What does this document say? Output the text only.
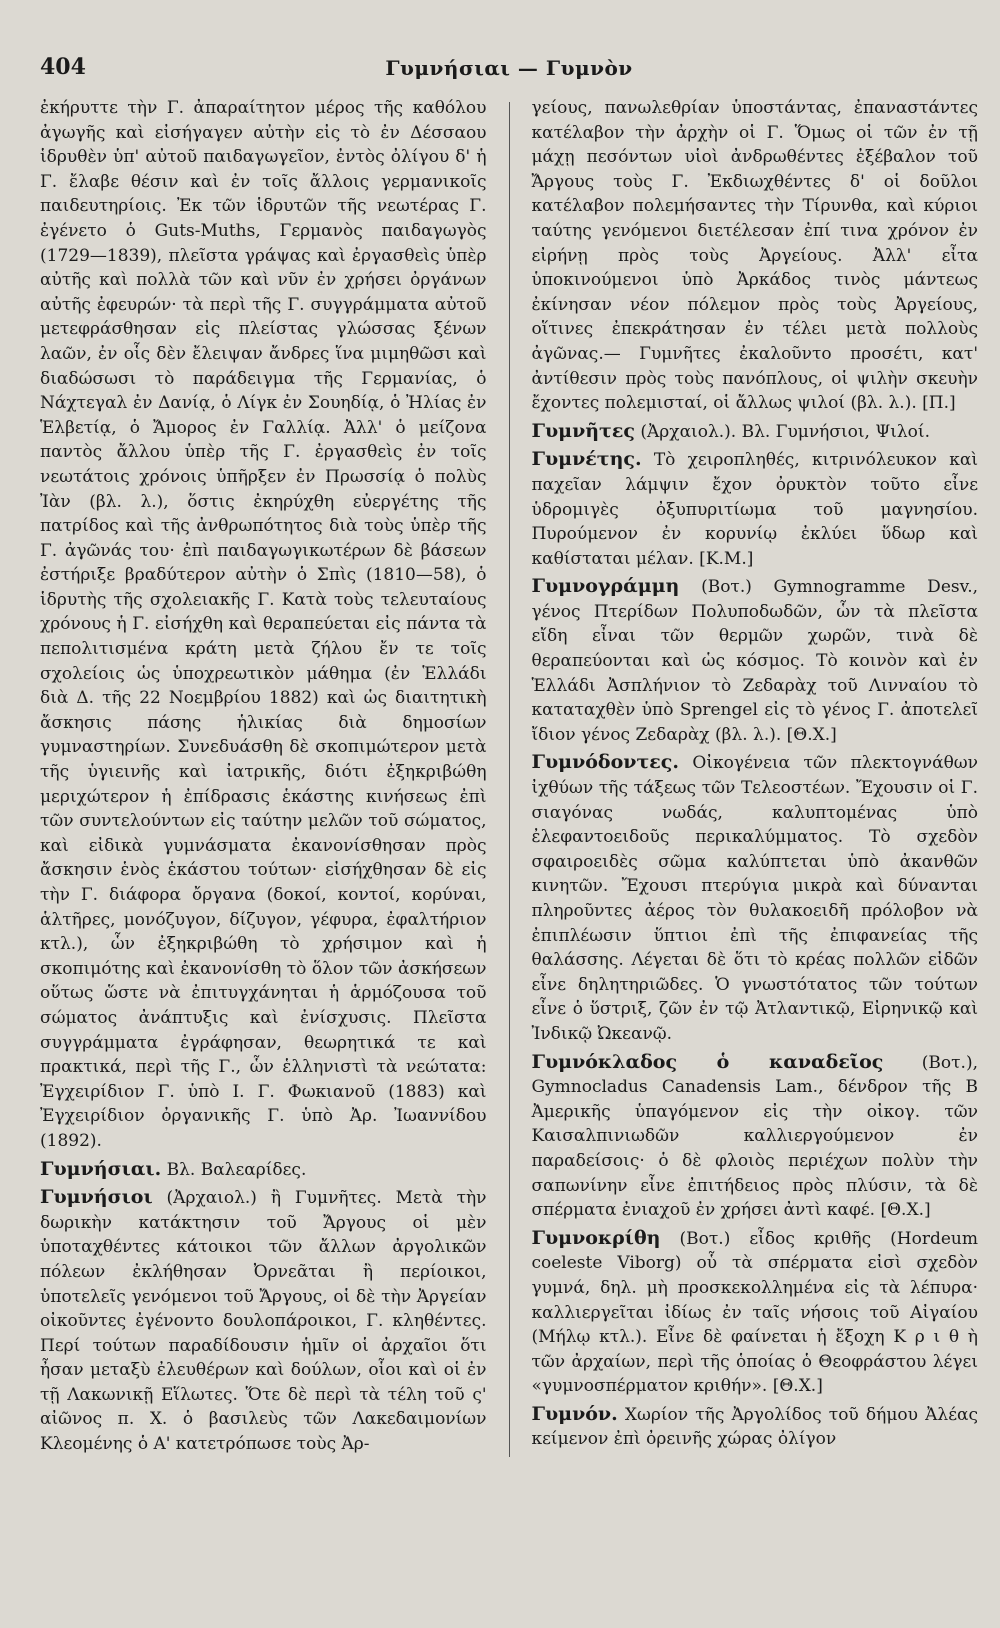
404	Γυμνήσιαι — Γυμνὸν

ἐκήρυττε τὴν Γ. ἀπαραίτητον μέρος τῆς καθόλου ἀγωγῆς καὶ εἰσήγαγεν αὐτὴν εἰς τὸ ἐν Δέσσαου ἱδρυθὲν ὑπ' αὐτοῦ παιδαγωγεῖον, ἐντὸς ὀλίγου δ' ἡ Γ. ἔλαβε θέσιν καὶ ἐν τοῖς ἄλλοις γερμανικοῖς παιδευτηρίοις. Ἐκ τῶν ἱδρυτῶν τῆς νεωτέρας Γ. ἐγένετο ὁ Guts-Muths, Γερμανὸς παιδαγωγὸς (1729—1839), πλεῖστα γράψας καὶ ἐργασθεὶς ὑπὲρ αὐτῆς καὶ πολλὰ τῶν καὶ νῦν ἐν χρήσει ὀργάνων αὐτῆς ἐφευρών· τὰ περὶ τῆς Γ. συγγράμματα αὐτοῦ μετεφράσθησαν εἰς πλείστας γλώσσας ξένων λαῶν, ἐν οἷς δὲν ἔλειψαν ἄνδρες ἵνα μιμηθῶσι καὶ διαδώσωσι τὸ παράδειγμα τῆς Γερμανίας, ὁ Νάχτεγαλ ἐν Δανίᾳ, ὁ Λίγκ ἐν Σουηδίᾳ, ὁ Ἠλίας ἐν Ἑλβετίᾳ, ὁ Ἄμορος ἐν Γαλλίᾳ. Ἀλλ' ὁ μείζονα παντὸς ἄλλου ὑπὲρ τῆς Γ. ἐργασθεὶς ἐν τοῖς νεωτάτοις χρόνοις ὑπῆρξεν ἐν Πρωσσίᾳ ὁ πολὺς Ἰὰν (βλ. λ.), ὅστις ἐκηρύχθη εὐεργέτης τῆς πατρίδος καὶ τῆς ἀνθρωπότητος διὰ τοὺς ὑπὲρ τῆς Γ. ἀγῶνάς του· ἐπὶ παιδαγωγικωτέρων δὲ βάσεων ἐστήριξε βραδύτερον αὐτὴν ὁ Σπὶς (1810—58), ὁ ἱδρυτὴς τῆς σχολειακῆς Γ. Κατὰ τοὺς τελευταίους χρόνους ἡ Γ. εἰσήχθη καὶ θεραπεύεται εἰς πάντα τὰ πεπολιτισμένα κράτη μετὰ ζήλου ἔν τε τοῖς σχολείοις ὡς ὑποχρεωτικὸν μάθημα (ἐν Ἑλλάδι διὰ Δ. τῆς 22 Νοεμβρίου 1882) καὶ ὡς διαιτητικὴ ἄσκησις πάσης ἡλικίας διὰ δημοσίων γυμναστηρίων. Συνεδυάσθη δὲ σκοπιμώτερον μετὰ τῆς ὑγιεινῆς καὶ ἰατρικῆς, διότι ἐξηκριβώθη μεριχώτερον ἡ ἐπίδρασις ἑκάστης κινήσεως ἐπὶ τῶν συντελούντων εἰς ταύτην μελῶν τοῦ σώματος, καὶ εἰδικὰ γυμνάσματα ἐκανονίσθησαν πρὸς ἄσκησιν ἑνὸς ἑκάστου τούτων· εἰσήχθησαν δὲ εἰς τὴν Γ. διάφορα ὄργανα (δοκοί, κοντοί, κορύναι, ἁλτῆρες, μονόζυγον, δίζυγον, γέφυρα, ἐφαλτήριον κτλ.), ὧν ἐξηκριβώθη τὸ χρήσιμον καὶ ἡ σκοπιμότης καὶ ἐκανονίσθη τὸ ὅλον τῶν ἀσκήσεων οὕτως ὥστε νὰ ἐπιτυγχάνηται ἡ ἁρμόζουσα τοῦ σώματος ἀνάπτυξις καὶ ἐνίσχυσις. Πλεῖστα συγγράμματα ἐγράφησαν, θεωρητικά τε καὶ πρακτικά, περὶ τῆς Γ., ὧν ἑλληνιστὶ τὰ νεώτατα: Ἐγχειρίδιον Γ. ὑπὸ Ι. Γ. Φωκιανοῦ (1883) καὶ Ἐγχειρίδιον ὀργανικῆς Γ. ὑπὸ Ἀρ. Ἰωαννίδου (1892).

Γυμνήσιαι. Βλ. Βαλεαρίδες.

Γυμνήσιοι (Ἀρχαιολ.) ἢ Γυμνῆτες. Μετὰ τὴν δωρικὴν κατάκτησιν τοῦ Ἄργους οἱ μὲν ὑποταχθέντες κάτοικοι τῶν ἄλλων ἀργολικῶν πόλεων ἐκλήθησαν Ὀρνεᾶται ἢ περίοικοι, ὑποτελεῖς γενόμενοι τοῦ Ἄργους, οἱ δὲ τὴν Ἀργείαν οἰκοῦντες ἐγένοντο δουλοπάροικοι, Γ. κληθέντες. Περί τούτων παραδίδουσιν ἡμῖν οἱ ἀρχαῖοι ὅτι ἦσαν μεταξὺ ἐλευθέρων καὶ δούλων, οἷοι καὶ οἱ ἐν τῇ Λακωνικῇ Εἵλωτες. Ὅτε δὲ περὶ τὰ τέλη τοῦ ς' αἰῶνος π. Χ. ὁ βασιλεὺς τῶν Λακεδαιμονίων Κλεομένης ὁ Α' κατετρόπωσε τοὺς Ἀρ-

γείους, πανωλεθρίαν ὑποστάντας, ἐπαναστάντες κατέλαβον τὴν ἀρχὴν οἱ Γ. Ὅμως οἱ τῶν ἐν τῇ μάχῃ πεσόντων υἱοὶ ἀνδρωθέντες ἐξέβαλον τοῦ Ἄργους τοὺς Γ. Ἐκδιωχθέντες δ' οἱ δοῦλοι κατέλαβον πολεμήσαντες τὴν Τίρυνθα, καὶ κύριοι ταύτης γενόμενοι διετέλεσαν ἐπί τινα χρόνον ἐν εἰρήνῃ πρὸς τοὺς Ἀργείους. Ἀλλ' εἶτα ὑποκινούμενοι ὑπὸ Ἀρκάδος τινὸς μάντεως ἐκίνησαν νέον πόλεμον πρὸς τοὺς Ἀργείους, οἵτινες ἐπεκράτησαν ἐν τέλει μετὰ πολλοὺς ἀγῶνας.— Γυμνῆτες ἐκαλοῦντο προσέτι, κατ' ἀντίθεσιν πρὸς τοὺς πανόπλους, οἱ ψιλὴν σκευὴν ἔχοντες πολεμισταί, οἱ ἄλλως ψιλοί (βλ. λ.). [Π.]

Γυμνῆτες (Ἀρχαιολ.). Βλ. Γυμνήσιοι, Ψιλοί.

Γυμνέτης. Τὸ χειροπληθές, κιτρινόλευκον καὶ παχεῖαν λάμψιν ἔχον ὀρυκτὸν τοῦτο εἶνε ὑδρομιγὲς ὀξυπυριτίωμα τοῦ μαγνησίου. Πυρούμενον ἐν κορυνίῳ ἐκλύει ὕδωρ καὶ καθίσταται μέλαν. [Κ.Μ.]

Γυμνογράμμη (Βοτ.) Gymnogramme Desv., γένος Πτερίδων Πολυποδωδῶν, ὧν τὰ πλεῖστα εἴδη εἶναι τῶν θερμῶν χωρῶν, τινὰ δὲ θεραπεύονται καὶ ὡς κόσμος. Τὸ κοινὸν καὶ ἐν Ἑλλάδι Ἀσπλήνιον τὸ Ζεδαρὰχ τοῦ Λινναίου τὸ καταταχθὲν ὑπὸ Sprengel εἰς τὸ γένος Γ. ἀποτελεῖ ἴδιον γένος Ζεδαρὰχ (βλ. λ.). [Θ.Χ.]

Γυμνόδοντες. Οἰκογένεια τῶν πλεκτογνάθων ἰχθύων τῆς τάξεως τῶν Τελεοστέων. Ἔχουσιν οἱ Γ. σιαγόνας νωδάς, καλυπτομένας ὑπὸ ἐλεφαντοειδοῦς περικαλύμματος. Τὸ σχεδὸν σφαιροειδὲς σῶμα καλύπτεται ὑπὸ ἀκανθῶν κινητῶν. Ἔχουσι πτερύγια μικρὰ καὶ δύνανται πληροῦντες ἀέρος τὸν θυλακοειδῆ πρόλοβον νὰ ἐπιπλέωσιν ὕπτιοι ἐπὶ τῆς ἐπιφανείας τῆς θαλάσσης. Λέγεται δὲ ὅτι τὸ κρέας πολλῶν εἰδῶν εἶνε δηλητηριῶδες. Ὁ γνωστότατος τῶν τούτων εἶνε ὁ ὕστριξ, ζῶν ἐν τῷ Ἀτλαντικῷ, Εἰρηνικῷ καὶ Ἰνδικῷ Ὠκεανῷ.

Γυμνόκλαδος ὁ καναδεῖος (Βοτ.), Gymnocladus Canadensis Lam., δένδρον τῆς Β Ἀμερικῆς ὑπαγόμενον εἰς τὴν οἰκογ. τῶν Καισαλπινιωδῶν καλλιεργούμενον ἐν παραδείσοις· ὁ δὲ φλοιὸς περιέχων πολὺν τὴν σαπωνίνην εἶνε ἐπιτήδειος πρὸς πλύσιν, τὰ δὲ σπέρματα ἐνιαχοῦ ἐν χρήσει ἀντὶ καφέ. [Θ.Χ.]

Γυμνοκρίθη (Βοτ.) εἶδος κριθῆς (Hordeum coeleste Viborg) οὗ τὰ σπέρματα εἰσὶ σχεδὸν γυμνά, δηλ. μὴ προσκεκολλημένα εἰς τὰ λέπυρα· καλλιεργεῖται ἰδίως ἐν ταῖς νήσοις τοῦ Αἰγαίου (Μήλῳ κτλ.). Εἶνε δὲ φαίνεται ἡ ἔξοχη Κ ρ ι θ ὴ τῶν ἀρχαίων, περὶ τῆς ὁποίας ὁ Θεοφράστου λέγει «γυμνοσπέρματον κριθήν». [Θ.Χ.]

Γυμνόν. Χωρίον τῆς Ἀργολίδος τοῦ δήμου Ἀλέας κείμενον ἐπὶ ὀρεινῆς χώρας ὀλίγον
